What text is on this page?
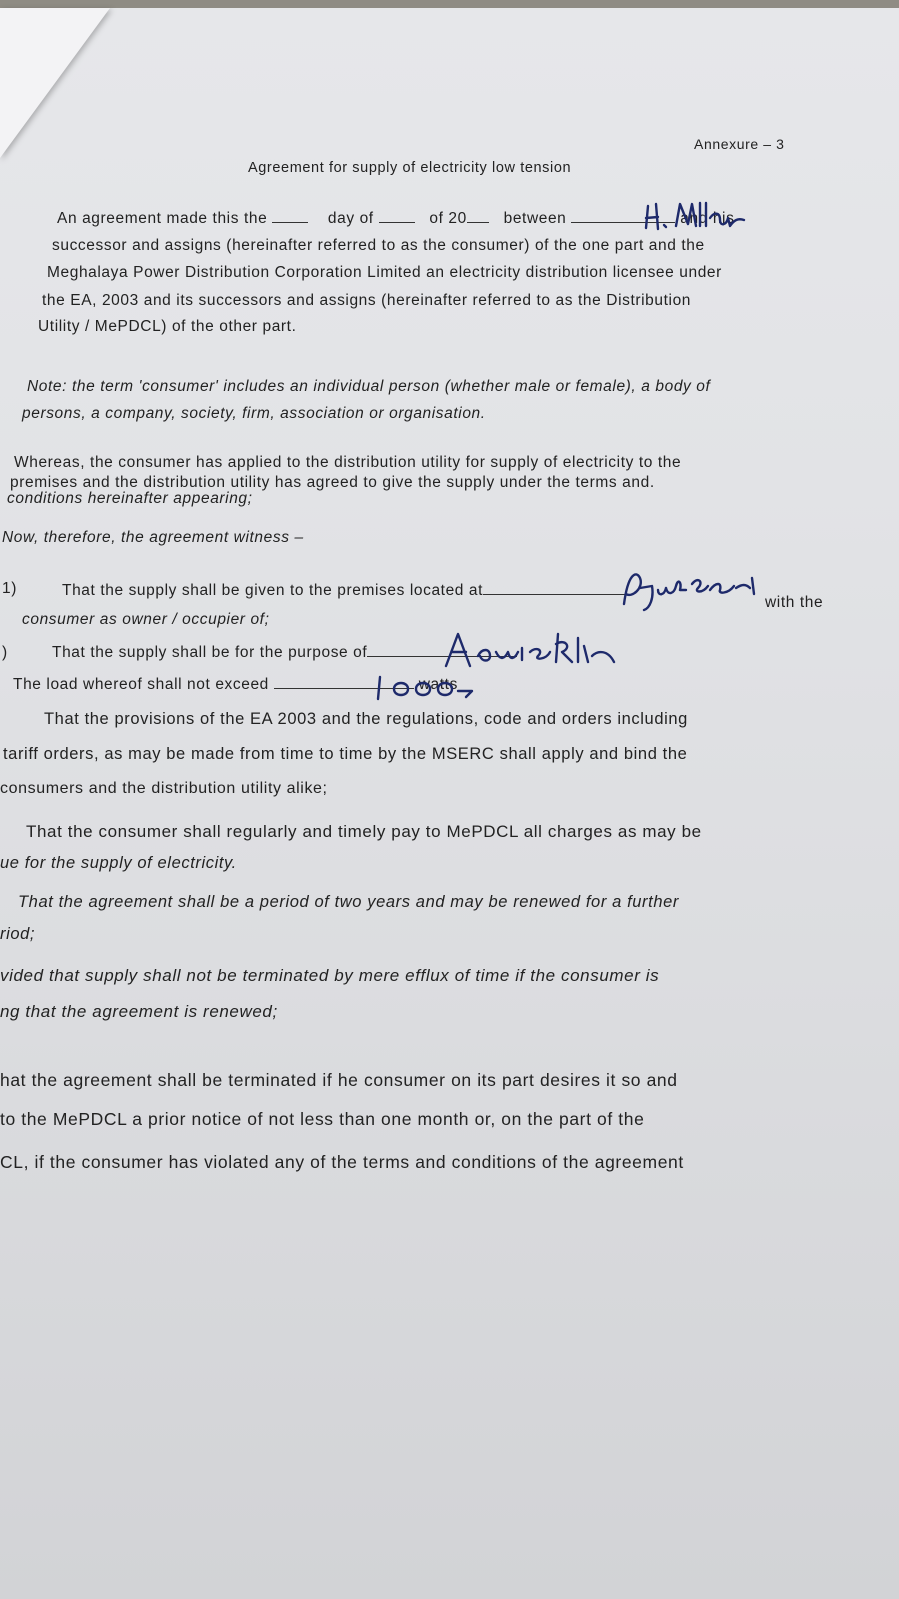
Annexure – 3
Agreement for supply of electricity low tension
An agreement made this the	day of	of 20 between	and his
successor and assigns (hereinafter referred to as the consumer) of the one part and the
Meghalaya Power Distribution Corporation Limited an electricity distribution licensee under
the EA, 2003 and its successors and assigns (hereinafter referred to as the Distribution
Utility / MePDCL) of the other part.
Note: the term 'consumer' includes an individual person (whether male or female), a body of
persons, a company, society, firm, association or organisation.
Whereas, the consumer has applied to the distribution utility for supply of electricity to the
premises and the distribution utility has agreed to give the supply under the terms and.
conditions hereinafter appearing;
Now, therefore, the agreement witness –
1)	That the supply shall be given to the premises located at
with the
consumer as owner / occupier of;
)	That the supply shall be for the purpose of
The load whereof shall not exceed	watts
That the provisions of the EA 2003 and the regulations, code and orders including
tariff orders, as may be made from time to time by the MSERC shall apply and bind the
consumers and the distribution utility alike;
That the consumer shall regularly and timely pay to MePDCL all charges as may be
ue for the supply of electricity.
That the agreement shall be a period of two years and may be renewed for a further
riod;
vided that supply shall not be terminated by mere efflux of time if the consumer is
ng that the agreement is renewed;
hat the agreement shall be terminated if he consumer on its part desires it so and
to the MePDCL a prior notice of not less than one month or, on the part of the
CL, if the consumer has violated any of the terms and conditions of the agreement
